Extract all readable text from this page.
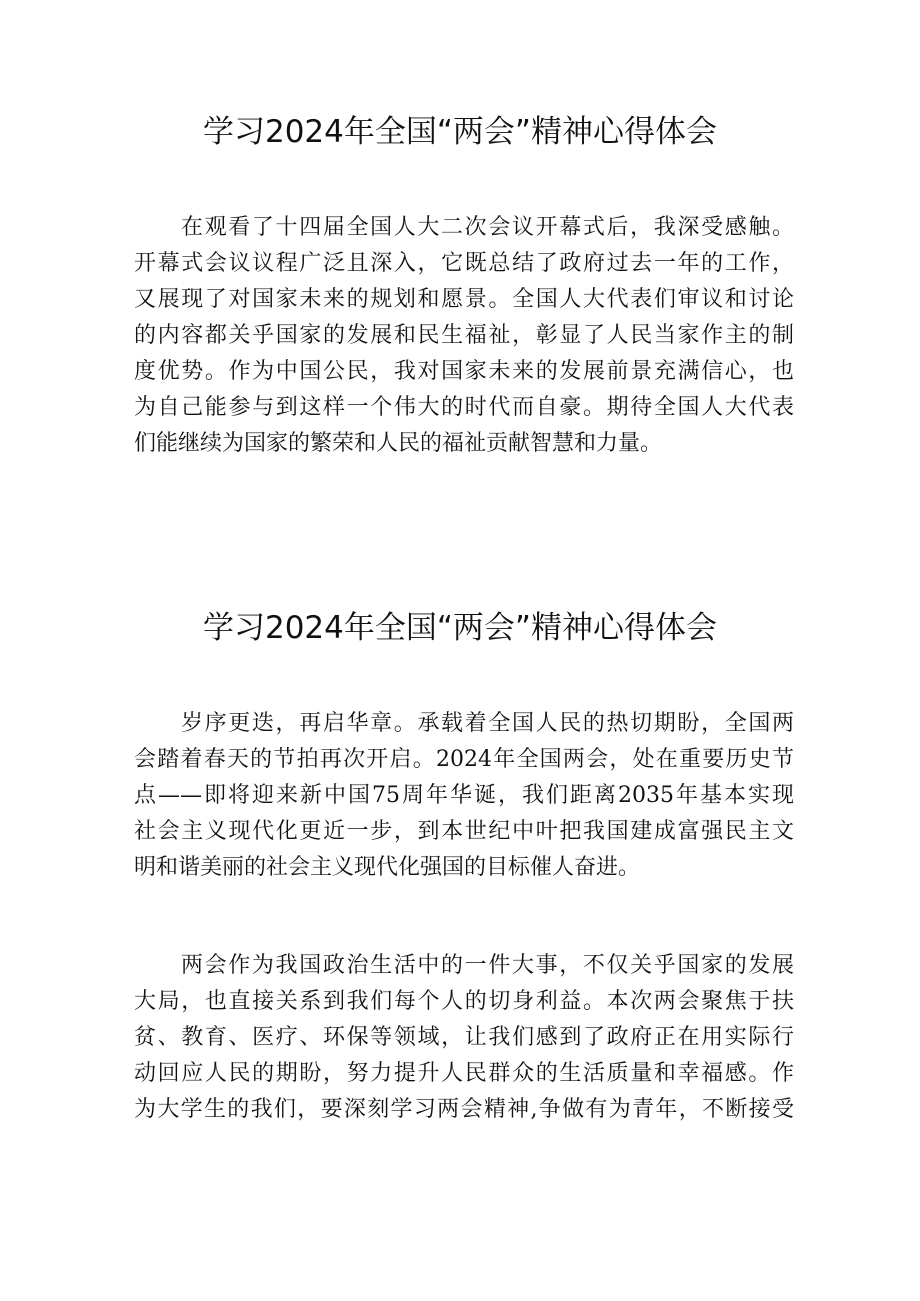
学习2024年全国“两会”精神心得体会
在观看了十四届全国人大二次会议开幕式后，我深受感触。
开幕式会议议程广泛且深入，它既总结了政府过去一年的工作，
又展现了对国家未来的规划和愿景。全国人大代表们审议和讨论
的内容都关乎国家的发展和民生福祉，彰显了人民当家作主的制
度优势。作为中国公民，我对国家未来的发展前景充满信心，也
为自己能参与到这样一个伟大的时代而自豪。期待全国人大代表
们能继续为国家的繁荣和人民的福祉贡献智慧和力量。
学习2024年全国“两会”精神心得体会
岁序更迭，再启华章。承载着全国人民的热切期盼，全国两
会踏着春天的节拍再次开启。2024年全国两会，处在重要历史节
点——即将迎来新中国75周年华诞，我们距离2035年基本实现
社会主义现代化更近一步，到本世纪中叶把我国建成富强民主文
明和谐美丽的社会主义现代化强国的目标催人奋进。
两会作为我国政治生活中的一件大事，不仅关乎国家的发展
大局，也直接关系到我们每个人的切身利益。本次两会聚焦于扶
贫、教育、医疗、环保等领域，让我们感到了政府正在用实际行
动回应人民的期盼，努力提升人民群众的生活质量和幸福感。作
为大学生的我们，要深刻学习两会精神,争做有为青年，不断接受
